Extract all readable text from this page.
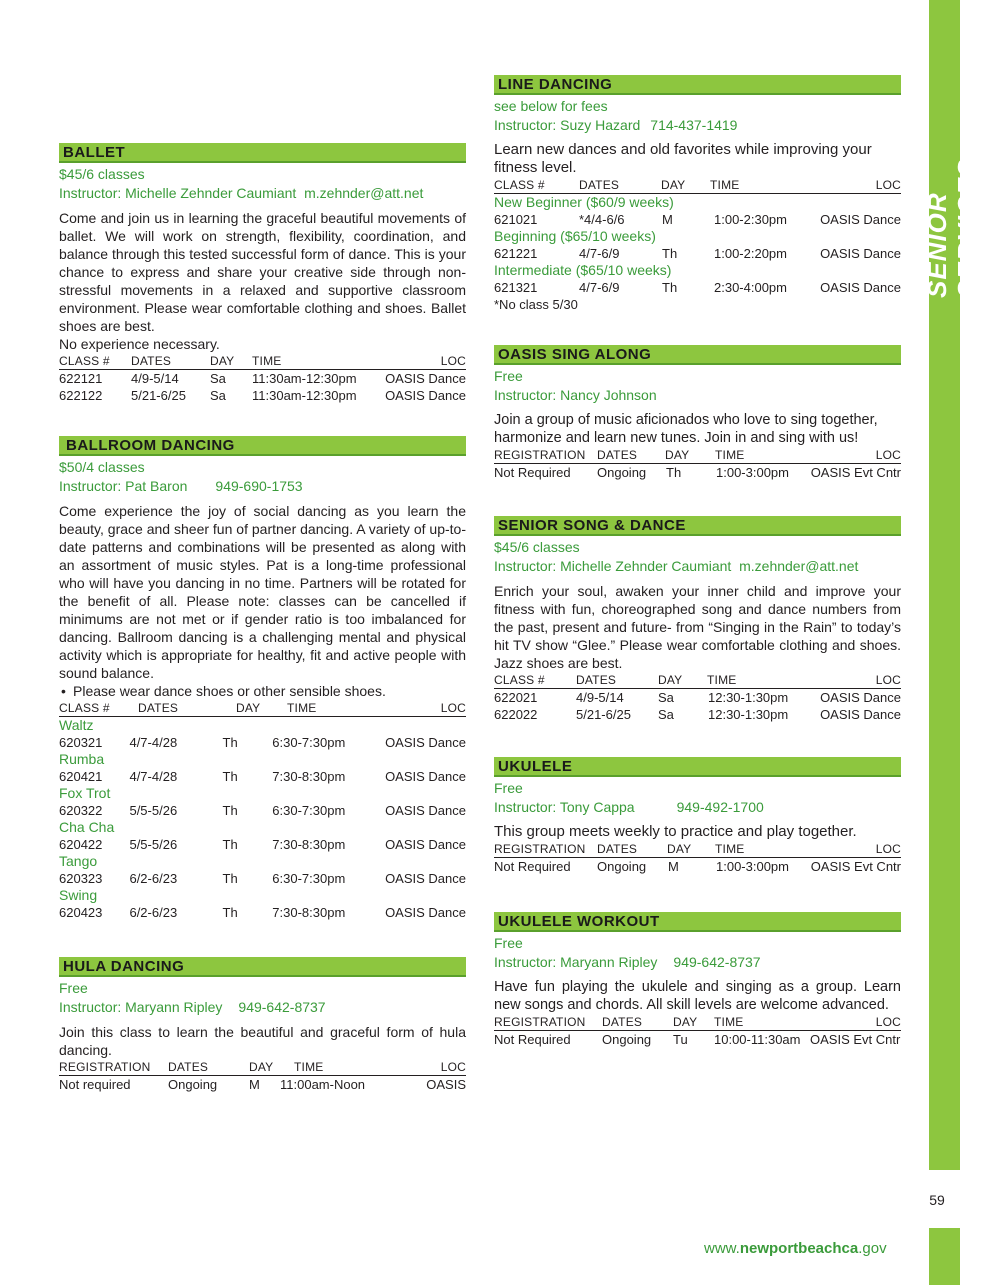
SENIOR SERVICES
BALLET
$45/6 classes
Instructor: Michelle Zehnder Caumiant m.zehnder@att.net
Come and join us in learning the graceful beautiful movements of ballet. We will work on strength, flexibility, coordination, and balance through this tested successful form of dance. This is your chance to express and share your creative side through non-stressful movements in a relaxed and supportive classroom environment. Please wear comfortable clothing and shoes. Ballet shoes are best.
No experience necessary.
CLASS #	DATES	DAY	TIME	LOC
622121	4/9-5/14	Sa	11:30am-12:30pm	OASIS Dance
622122	5/21-6/25	Sa	11:30am-12:30pm	OASIS Dance
BALLROOM DANCING
$50/4 classes
Instructor: Pat Baron 949-690-1753
Come experience the joy of social dancing as you learn the beauty, grace and sheer fun of partner dancing. A variety of up-to-date patterns and combinations will be presented as along with an assortment of music styles. Pat is a long-time professional who will have you dancing in no time. Partners will be rotated for the benefit of all. Please note: classes can be cancelled if minimums are not met or if gender ratio is too imbalanced for dancing. Ballroom dancing is a challenging mental and physical activity which is appropriate for healthy, fit and active people with sound balance.
• Please wear dance shoes or other sensible shoes.
CLASS #	DATES	DAY	TIME	LOC
Waltz
620321	4/7-4/28	Th	6:30-7:30pm	OASIS Dance
Rumba
620421	4/7-4/28	Th	7:30-8:30pm	OASIS Dance
Fox Trot
620322	5/5-5/26	Th	6:30-7:30pm	OASIS Dance
Cha Cha
620422	5/5-5/26	Th	7:30-8:30pm	OASIS Dance
Tango
620323	6/2-6/23	Th	6:30-7:30pm	OASIS Dance
Swing
620423	6/2-6/23	Th	7:30-8:30pm	OASIS Dance
HULA DANCING
Free
Instructor: Maryann Ripley 949-642-8737
Join this class to learn the beautiful and graceful form of hula dancing.
REGISTRATION	DATES	DAY	TIME	LOC
Not required	Ongoing	M	11:00am-Noon	OASIS
LINE DANCING
see below for fees
Instructor: Suzy Hazard 714-437-1419
Learn new dances and old favorites while improving your fitness level.
CLASS #	DATES	DAY	TIME	LOC
New Beginner ($60/9 weeks)
621021	*4/4-6/6	M	1:00-2:30pm	OASIS Dance
Beginning ($65/10 weeks)
621221	4/7-6/9	Th	1:00-2:20pm	OASIS Dance
Intermediate ($65/10 weeks)
621321	4/7-6/9	Th	2:30-4:00pm	OASIS Dance
*No class 5/30
OASIS SING ALONG
Free
Instructor: Nancy Johnson
Join a group of music aficionados who love to sing together, harmonize and learn new tunes. Join in and sing with us!
REGISTRATION DATES	DAY	TIME	LOC
Not Required	Ongoing	Th	1:00-3:00pm	OASIS Evt Cntr
SENIOR SONG & DANCE
$45/6 classes
Instructor: Michelle Zehnder Caumiant m.zehnder@att.net
Enrich your soul, awaken your inner child and improve your fitness with fun, choreographed song and dance numbers from the past, present and future- from “Singing in the Rain” to today’s hit TV show “Glee.” Please wear comfortable clothing and shoes. Jazz shoes are best.
CLASS #	DATES	DAY	TIME	LOC
622021	4/9-5/14	Sa	12:30-1:30pm	OASIS Dance
622022	5/21-6/25	Sa	12:30-1:30pm	OASIS Dance
UKULELE
Free
Instructor: Tony Cappa	949-492-1700
This group meets weekly to practice and play together.
REGISTRATION DATES	DAY	TIME	LOC
Not Required	Ongoing	M	1:00-3:00pm	OASIS Evt Cntr
UKULELE WORKOUT
Free
Instructor: Maryann Ripley 949-642-8737
Have fun playing the ukulele and singing as a group. Learn new songs and chords. All skill levels are welcome advanced.
REGISTRATION	DATES	DAY	TIME	LOC
Not Required	Ongoing	Tu	10:00-11:30am OASIS Evt Cntr
59
www.newportbeachca.gov
